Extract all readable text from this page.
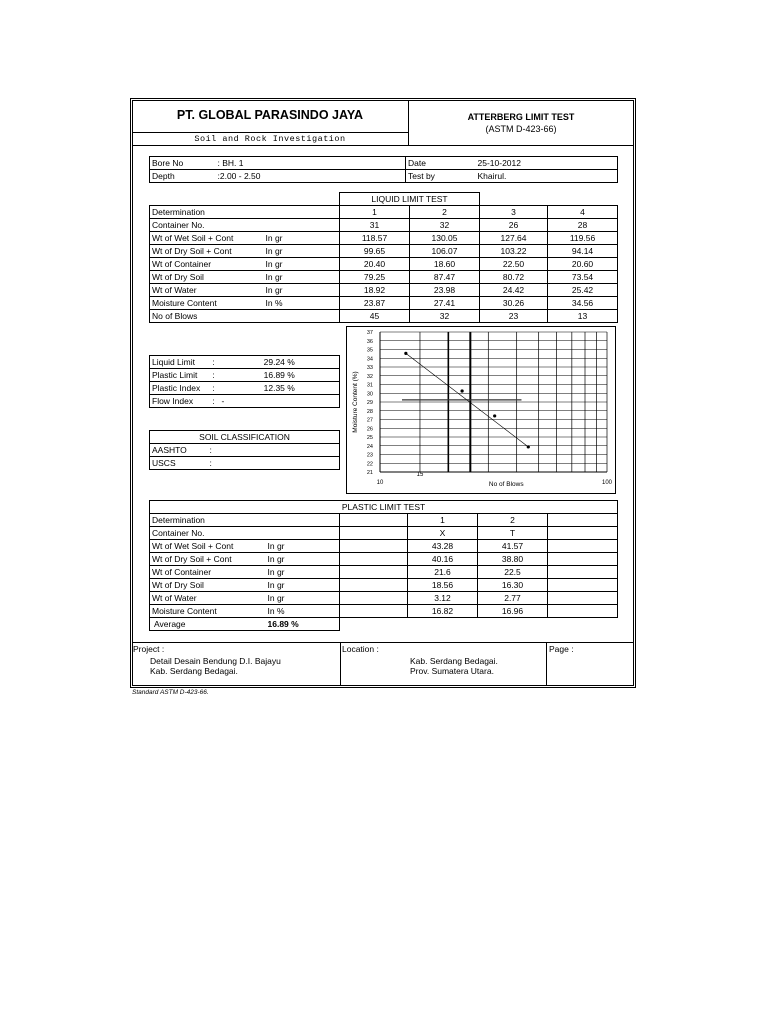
PT. GLOBAL PARASINDO JAYA
Soil and Rock Investigation
ATTERBERG LIMIT TEST
(ASTM D-423-66)
Bore No	: BH. 1	Date	25-10-2012
Depth	:2.00 - 2.50	Test by	Khairul.
		LIQUID LIMIT TEST			
Determination		1	2	3	4
Container No.		31	32	26	28
Wt of Wet Soil + Cont	In gr	118.57	130.05	127.64	119.56
Wt of Dry Soil + Cont	In gr	99.65	106.07	103.22	94.14
Wt of Container	In gr	20.40	18.60	22.50	20.60
Wt of Dry Soil	In gr	79.25	87.47	80.72	73.54
Wt of Water	In gr	18.92	23.98	24.42	25.42
Moisture Content	In %	23.87	27.41	30.26	34.56
No of Blows		45	32	23	13
Liquid Limit	:	29.24 %
Plastic Limit	:	16.89 %
Plastic Index	:	12.35 %
Flow Index	:	-
SOIL CLASSIFICATION	
AASHTO	:
USCS	:
21
22
23
24
25
26
27
28
29
30
31
32
33
34
35
36
37
10
15
100
No of Blows
Moisture Content (%)
PLASTIC LIMIT TEST					
Determination			1	2	
Container No.			X	T	
Wt of Wet Soil + Cont	In gr		43.28	41.57	
Wt of Dry Soil + Cont	In gr		40.16	38.80	
Wt of Container	In gr		21.6	22.5	
Wt of Dry Soil	In gr		18.56	16.30	
Wt of Water	In gr		3.12	2.77	
Moisture Content	In %		16.82	16.96	
Average	16.89 %				
Project :
Detail Desain Bendung D.I. Bajayu
Kab. Serdang Bedagai.
Location :
Kab. Serdang Bedagai.
Prov. Sumatera Utara.
Page :
Standard ASTM D-423-66.
